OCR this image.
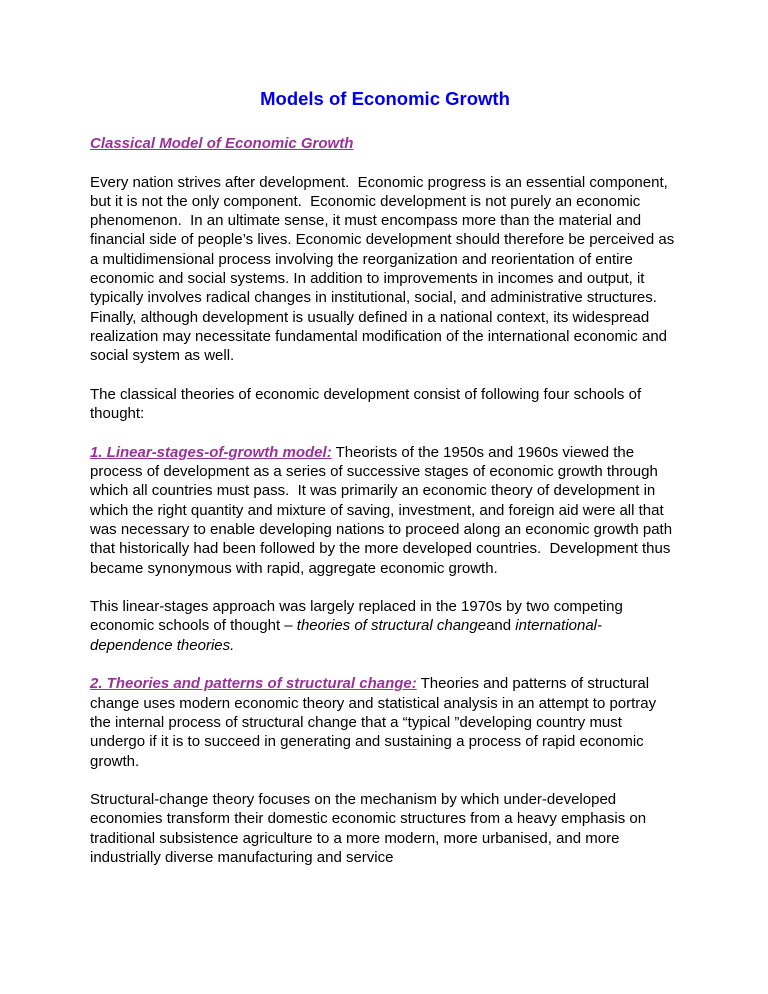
Models of Economic Growth
Classical Model of Economic Growth

Every nation strives after development.  Economic progress is an essential component, but it is not the only component.  Economic development is not purely an economic phenomenon.  In an ultimate sense, it must encompass more than the material and financial side of people’s lives. Economic development should therefore be perceived as a multidimensional process involving the reorganization and reorientation of entire economic and social systems. In addition to improvements in incomes and output, it typically involves radical changes in institutional, social, and administrative structures.  Finally, although development is usually defined in a national context, its widespread realization may necessitate fundamental modification of the international economic and social system as well.

The classical theories of economic development consist of following four schools of thought:

1. Linear-stages-of-growth model: Theorists of the 1950s and 1960s viewed the process of development as a series of successive stages of economic growth through which all countries must pass.  It was primarily an economic theory of development in which the right quantity and mixture of saving, investment, and foreign aid were all that was necessary to enable developing nations to proceed along an economic growth path that historically had been followed by the more developed countries.  Development thus became synonymous with rapid, aggregate economic growth.

This linear-stages approach was largely replaced in the 1970s by two competing economic schools of thought – theories of structural changeand international-dependence theories.

2. Theories and patterns of structural change: Theories and patterns of structural change uses modern economic theory and statistical analysis in an attempt to portray the internal process of structural change that a “typical ”developing country must undergo if it is to succeed in generating and sustaining a process of rapid economic growth.

Structural-change theory focuses on the mechanism by which under-developed economies transform their domestic economic structures from a heavy emphasis on traditional subsistence agriculture to a more modern, more urbanised, and more industrially diverse manufacturing and service
